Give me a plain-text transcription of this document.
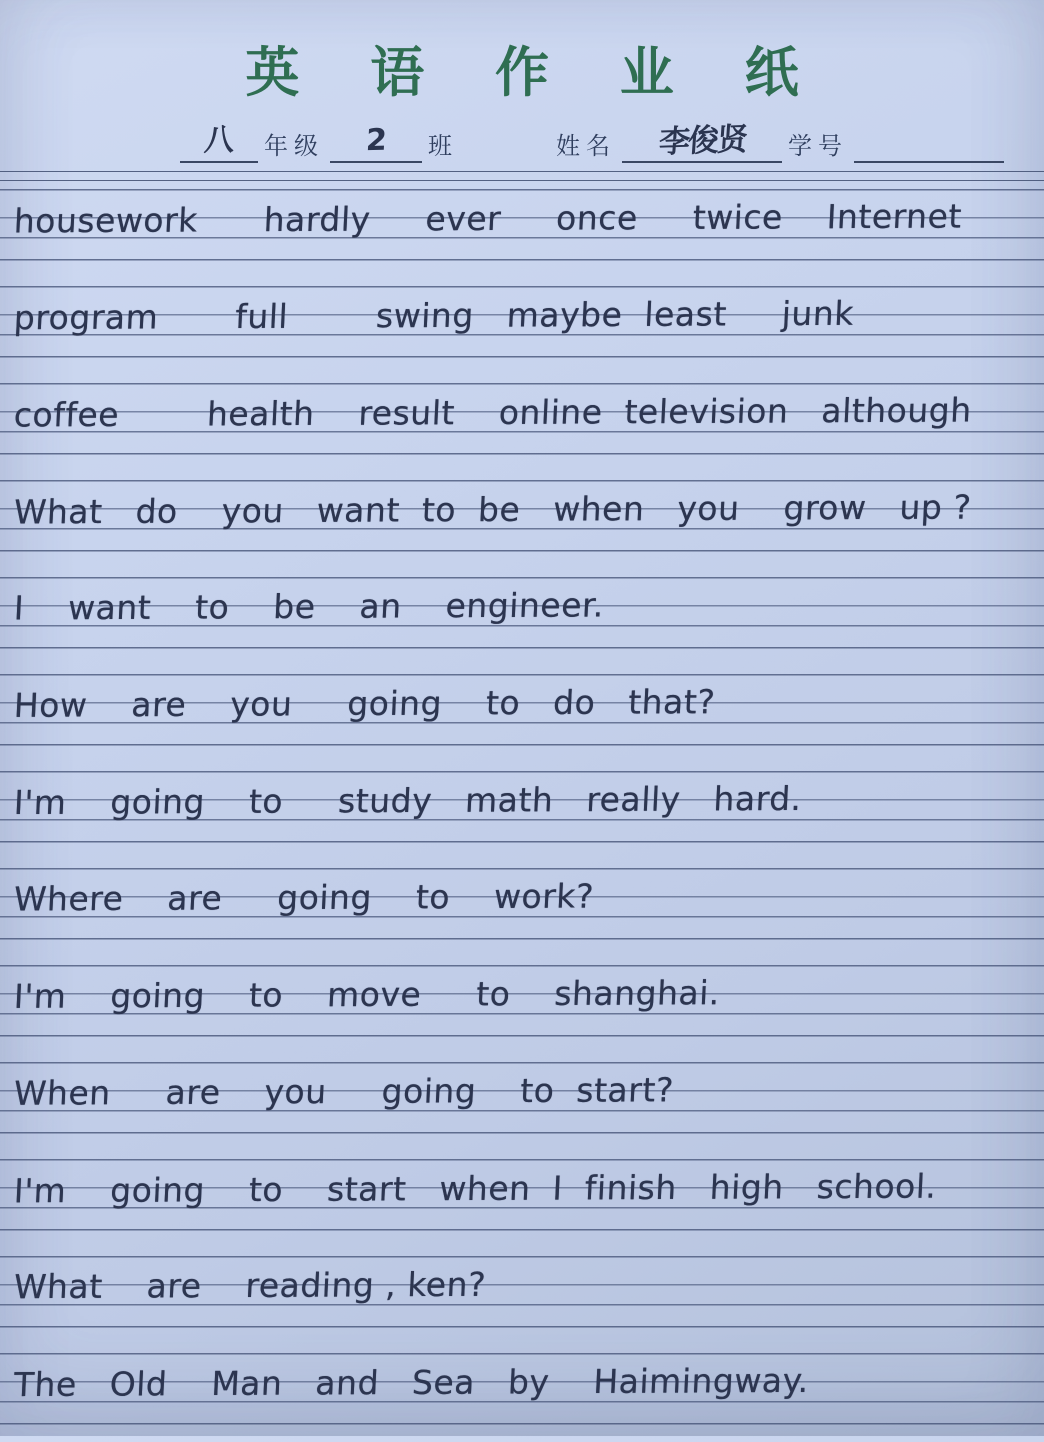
英 语 作 业 纸
八	年级	2	班	姓名	李俊贤	学号
housework      hardly     ever     once     twice    Internet
program       full        swing   maybe  least     junk
coffee        health    result    online  television   although
What   do    you   want  to  be   when   you    grow   up ?
I    want    to    be    an    engineer.
How    are    you     going    to   do   that?
I'm    going    to     study   math   really   hard.
Where    are     going    to    work?
I'm    going    to    move     to    shanghai.
When     are    you     going    to  start?
I'm    going    to    start   when  I  finish   high   school.
What    are    reading , ken?
The   Old    Man   and   Sea   by    Haimingway.
